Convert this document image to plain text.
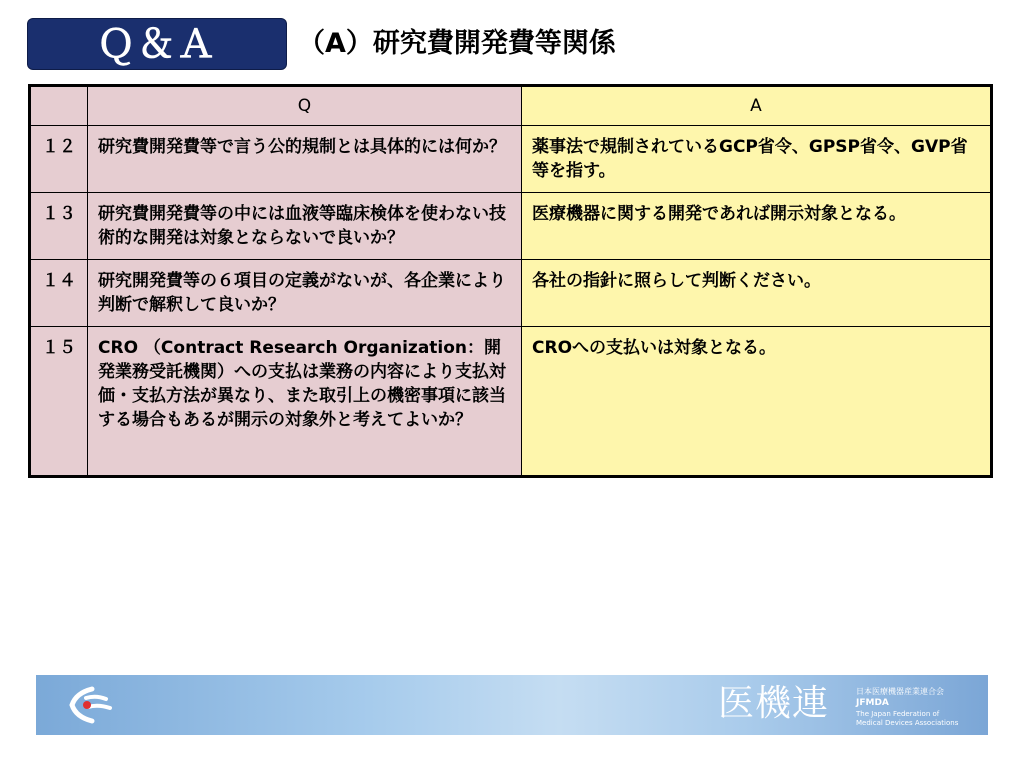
Ｑ＆Ａ	（A）研究費開発費等関係
	Q	A
１２	研究費開発費等で言う公的規制とは具体的には何か？	薬事法で規制されているGCP省令、GPSP省令、GVP省等を指す。
１３	研究費開発費等の中には血液等臨床検体を使わない技術的な開発は対象とならないで良いか？	医療機器に関する開発であれば開示対象となる。
１４	研究開発費等の６項目の定義がないが、各企業により判断で解釈して良いか？	各社の指針に照らして判断ください。
１５	CRO （Contract Research Organization：開発業務受託機関）への支払は業務の内容により支払対価・支払方法が異なり、また取引上の機密事項に該当する場合もあるが開示の対象外と考えてよいか？	CROへの支払いは対象となる。
医機連	日本医療機器産業連合会
JFMDA
The Japan Federation of
Medical Devices Associations
